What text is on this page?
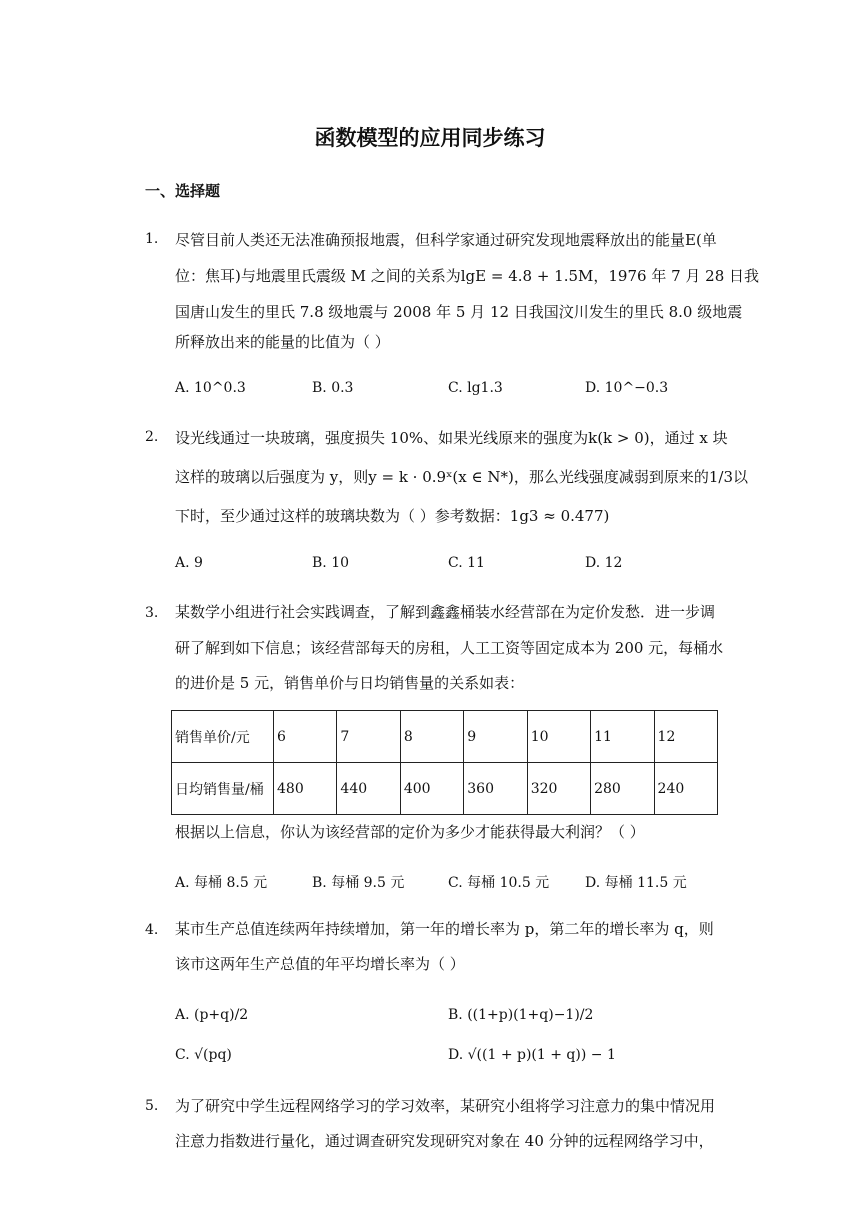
函数模型的应用同步练习
一、选择题
1. 尽管目前人类还无法准确预报地震，但科学家通过研究发现地震释放出的能量E(单
位：焦耳)与地震里氏震级 M 之间的关系为lgE = 4.8 + 1.5M，1976 年 7 月 28 日我
国唐山发生的里氏 7.8 级地震与 2008 年 5 月 12 日我国汶川发生的里氏 8.0 级地震
所释放出来的能量的比值为（ ）
A. 10^0.3	B. 0.3	C. lg1.3	D. 10^−0.3
2. 设光线通过一块玻璃，强度损失 10%、如果光线原来的强度为k(k > 0)，通过 x 块
这样的玻璃以后强度为 y，则y = k · 0.9ˣ(x ∈ N*)，那么光线强度减弱到原来的1/3以
下时，至少通过这样的玻璃块数为（ ）参考数据：1g3 ≈ 0.477)
A. 9	B. 10	C. 11	D. 12
3. 某数学小组进行社会实践调查，了解到鑫鑫桶装水经营部在为定价发愁．进一步调
研了解到如下信息；该经营部每天的房租，人工工资等固定成本为 200 元，每桶水
的进价是 5 元，销售单价与日均销售量的关系如表：
销售单价/元	6	7	8	9	10	11	12
日均销售量/桶	480	440	400	360	320	280	240
根据以上信息，你认为该经营部的定价为多少才能获得最大利润？（ ）
A. 每桶 8.5 元	B. 每桶 9.5 元	C. 每桶 10.5 元	D. 每桶 11.5 元
4. 某市生产总值连续两年持续增加，第一年的增长率为 p，第二年的增长率为 q，则
该市这两年生产总值的年平均增长率为（ ）
A. (p+q)/2	B. ((1+p)(1+q)−1)/2
C. √(pq)	D. √((1 + p)(1 + q)) − 1
5. 为了研究中学生远程网络学习的学习效率，某研究小组将学习注意力的集中情况用
注意力指数进行量化，通过调查研究发现研究对象在 40 分钟的远程网络学习中，
